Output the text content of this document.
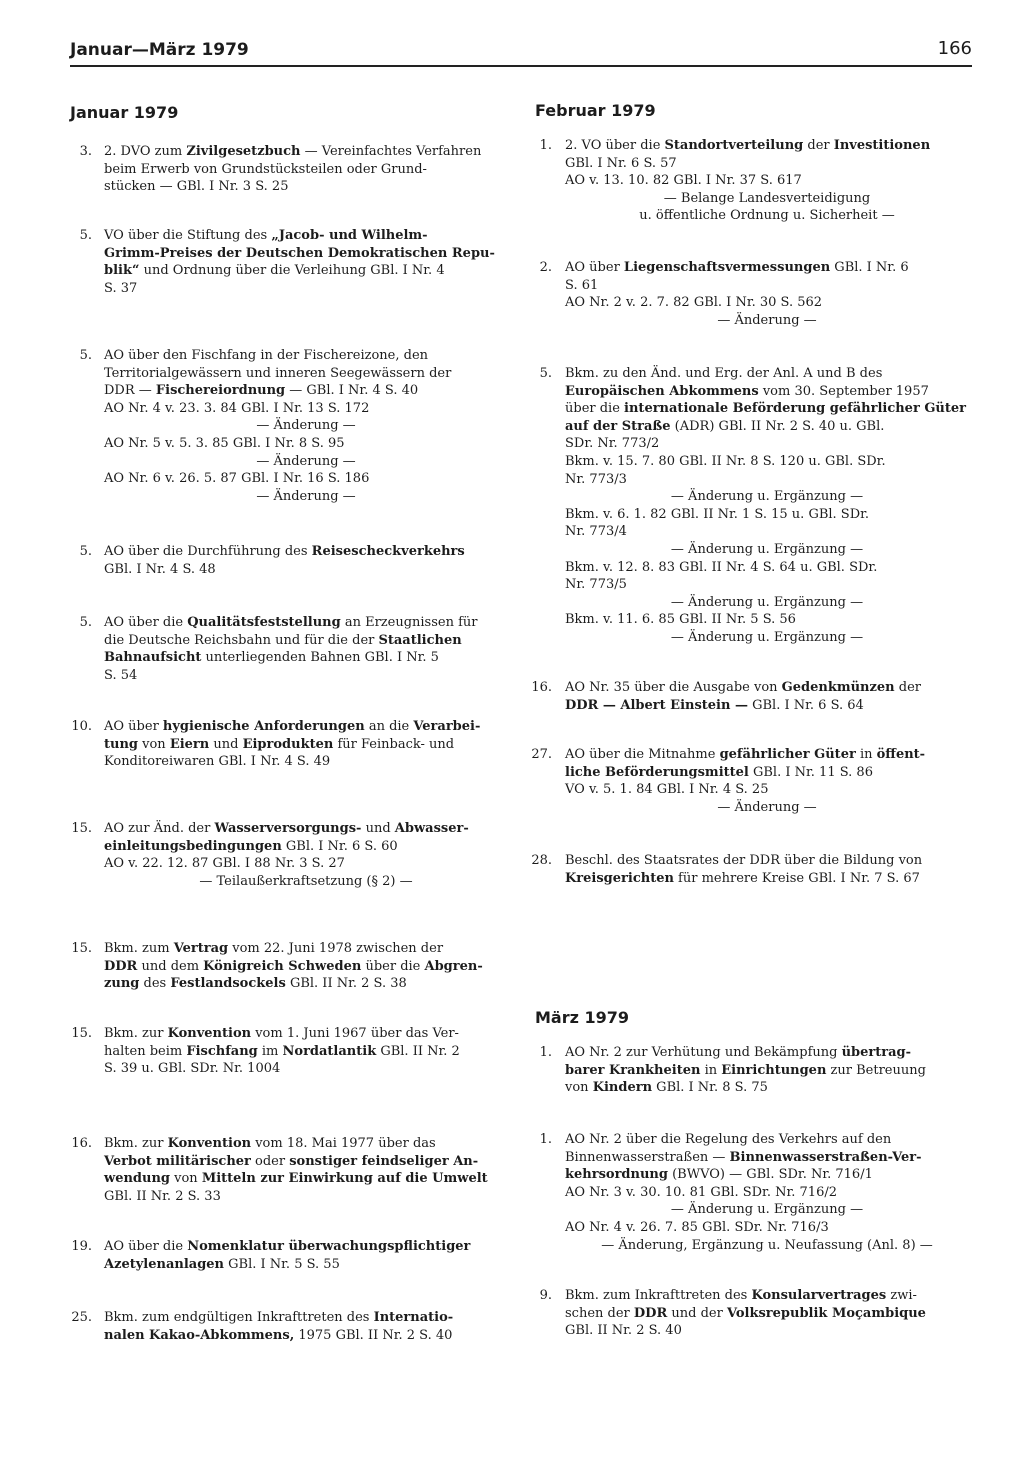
Januar—März 1979	166
Januar 1979	Februar 1979
März 1979
3. 2. DVO zum Zivilgesetzbuch — Vereinfachtes Verfahren
beim Erwerb von Grundstücksteilen oder Grund-
stücken — GBl. I Nr. 3 S. 25
5. VO über die Stiftung des „Jacob- und Wilhelm-
Grimm-Preises der Deutschen Demokratischen Repu-
blik“ und Ordnung über die Verleihung GBl. I Nr. 4
S. 37
5. AO über den Fischfang in der Fischereizone, den
Territorialgewässern und inneren Seegewässern der
DDR — Fischereiordnung — GBl. I Nr. 4 S. 40
AO Nr. 4 v. 23. 3. 84 GBl. I Nr. 13 S. 172
— Änderung —
AO Nr. 5 v. 5. 3. 85 GBl. I Nr. 8 S. 95
— Änderung —
AO Nr. 6 v. 26. 5. 87 GBl. I Nr. 16 S. 186
— Änderung —
5. AO über die Durchführung des Reisescheckverkehrs
GBl. I Nr. 4 S. 48
5. AO über die Qualitätsfeststellung an Erzeugnissen für
die Deutsche Reichsbahn und für die der Staatlichen
Bahnaufsicht unterliegenden Bahnen GBl. I Nr. 5
S. 54
10. AO über hygienische Anforderungen an die Verarbei-
tung von Eiern und Eiprodukten für Feinback- und
Konditoreiwaren GBl. I Nr. 4 S. 49
15. AO zur Änd. der Wasserversorgungs- und Abwasser-
einleitungsbedingungen GBl. I Nr. 6 S. 60
AO v. 22. 12. 87 GBl. I 88 Nr. 3 S. 27
— Teilaußerkraftsetzung (§ 2) —
15. Bkm. zum Vertrag vom 22. Juni 1978 zwischen der
DDR und dem Königreich Schweden über die Abgren-
zung des Festlandsockels GBl. II Nr. 2 S. 38
15. Bkm. zur Konvention vom 1. Juni 1967 über das Ver-
halten beim Fischfang im Nordatlantik GBl. II Nr. 2
S. 39 u. GBl. SDr. Nr. 1004
16. Bkm. zur Konvention vom 18. Mai 1977 über das
Verbot militärischer oder sonstiger feindseliger An-
wendung von Mitteln zur Einwirkung auf die Umwelt
GBl. II Nr. 2 S. 33
19. AO über die Nomenklatur überwachungspflichtiger
Azetylenanlagen GBl. I Nr. 5 S. 55
25. Bkm. zum endgültigen Inkrafttreten des Internatio-
nalen Kakao-Abkommens, 1975 GBl. II Nr. 2 S. 40
1. 2. VO über die Standortverteilung der Investitionen
GBl. I Nr. 6 S. 57
AO v. 13. 10. 82 GBl. I Nr. 37 S. 617
— Belange Landesverteidigung
u. öffentliche Ordnung u. Sicherheit —
2. AO über Liegenschaftsvermessungen GBl. I Nr. 6
S. 61
AO Nr. 2 v. 2. 7. 82 GBl. I Nr. 30 S. 562
— Änderung —
5. Bkm. zu den Änd. und Erg. der Anl. A und B des
Europäischen Abkommens vom 30. September 1957
über die internationale Beförderung gefährlicher Güter
auf der Straße (ADR) GBl. II Nr. 2 S. 40 u. GBl.
SDr. Nr. 773/2
Bkm. v. 15. 7. 80 GBl. II Nr. 8 S. 120 u. GBl. SDr.
Nr. 773/3
— Änderung u. Ergänzung —
Bkm. v. 6. 1. 82 GBl. II Nr. 1 S. 15 u. GBl. SDr.
Nr. 773/4
— Änderung u. Ergänzung —
Bkm. v. 12. 8. 83 GBl. II Nr. 4 S. 64 u. GBl. SDr.
Nr. 773/5
— Änderung u. Ergänzung —
Bkm. v. 11. 6. 85 GBl. II Nr. 5 S. 56
— Änderung u. Ergänzung —
16. AO Nr. 35 über die Ausgabe von Gedenkmünzen der
DDR — Albert Einstein — GBl. I Nr. 6 S. 64
27. AO über die Mitnahme gefährlicher Güter in öffent-
liche Beförderungsmittel GBl. I Nr. 11 S. 86
VO v. 5. 1. 84 GBl. I Nr. 4 S. 25
— Änderung —
28. Beschl. des Staatsrates der DDR über die Bildung von
Kreisgerichten für mehrere Kreise GBl. I Nr. 7 S. 67
1. AO Nr. 2 zur Verhütung und Bekämpfung übertrag-
barer Krankheiten in Einrichtungen zur Betreuung
von Kindern GBl. I Nr. 8 S. 75
1. AO Nr. 2 über die Regelung des Verkehrs auf den
Binnenwasserstraßen — Binnenwasserstraßen-Ver-
kehrsordnung (BWVO) — GBl. SDr. Nr. 716/1
AO Nr. 3 v. 30. 10. 81 GBl. SDr. Nr. 716/2
— Änderung u. Ergänzung —
AO Nr. 4 v. 26. 7. 85 GBl. SDr. Nr. 716/3
— Änderung, Ergänzung u. Neufassung (Anl. 8) —
9. Bkm. zum Inkrafttreten des Konsularvertrages zwi-
schen der DDR und der Volksrepublik Moçambique
GBl. II Nr. 2 S. 40
